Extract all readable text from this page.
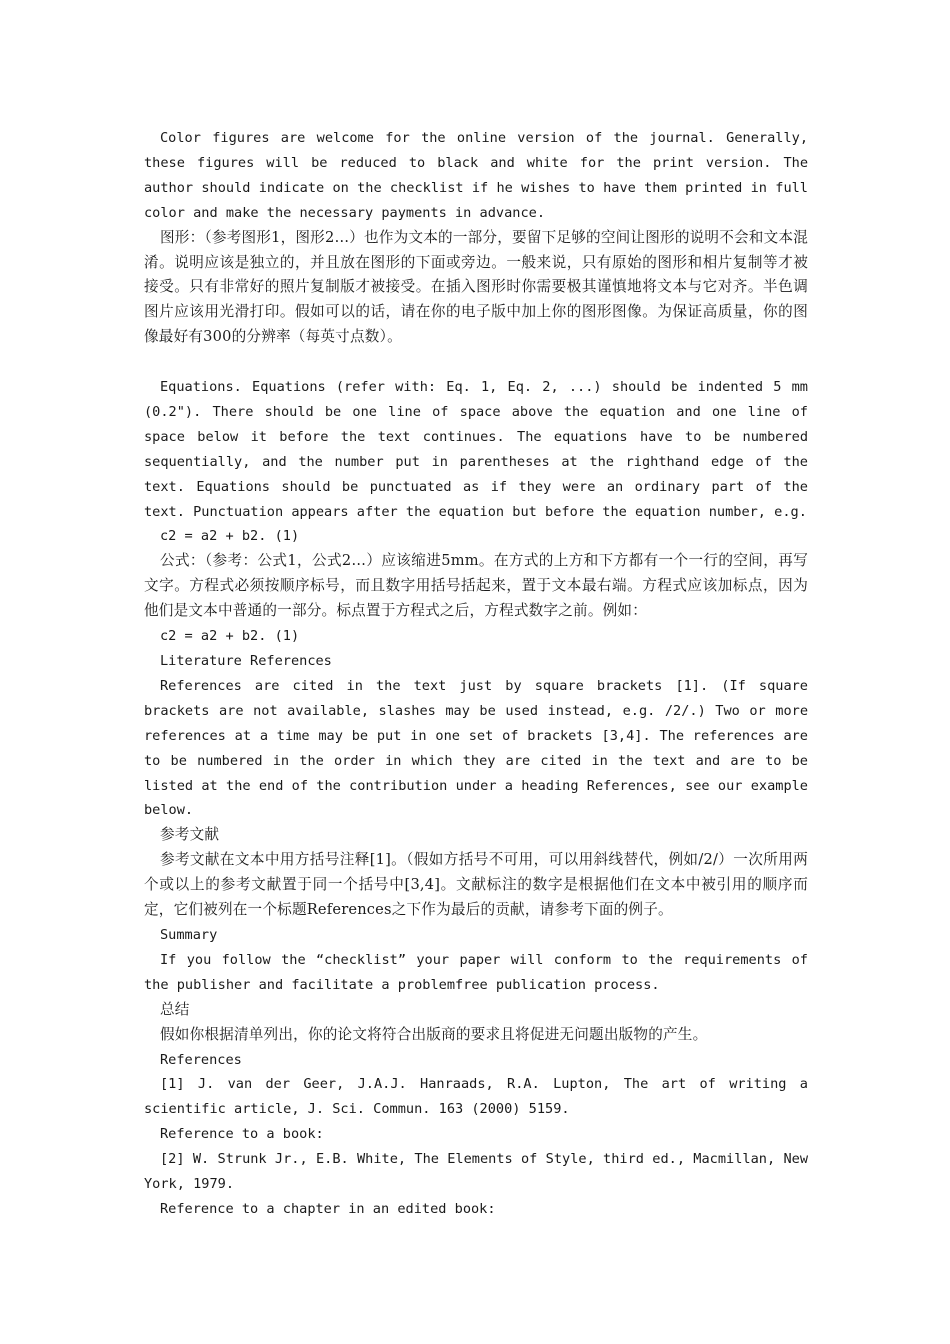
Color figures are welcome for the online version of the journal. Generally, these figures will be reduced to black and white for the print version. The author should indicate on the checklist if he wishes to have them printed in full color and make the necessary payments in advance.

图形：（参考图形1，图形2…）也作为文本的一部分，要留下足够的空间让图形的说明不会和文本混淆。说明应该是独立的，并且放在图形的下面或旁边。一般来说，只有原始的图形和相片复制等才被接受。只有非常好的照片复制版才被接受。在插入图形时你需要极其谨慎地将文本与它对齐。半色调图片应该用光滑打印。假如可以的话，请在你的电子版中加上你的图形图像。为保证高质量，你的图像最好有300的分辨率（每英寸点数）。

Equations. Equations (refer with: Eq. 1, Eq. 2, ...) should be indented 5 mm (0.2"). There should be one line of space above the equation and one line of space below it before the text continues. The equations have to be numbered sequentially, and the number put in parentheses at the righthand edge of the text. Equations should be punctuated as if they were an ordinary part of the text. Punctuation appears after the equation but before the equation number, e.g.

c2 = a2 + b2. (1)

公式：（参考：公式1，公式2…）应该缩进5mm。在方式的上方和下方都有一个一行的空间，再写文字。方程式必须按顺序标号，而且数字用括号括起来，置于文本最右端。方程式应该加标点，因为他们是文本中普通的一部分。标点置于方程式之后，方程式数字之前。例如：

c2 = a2 + b2. (1)

Literature References

References are cited in the text just by square brackets [1]. (If square brackets are not available, slashes may be used instead, e.g. /2/.) Two or more references at a time may be put in one set of brackets [3,4]. The references are to be numbered in the order in which they are cited in the text and are to be listed at the end of the contribution under a heading References, see our example below.

参考文献

参考文献在文本中用方括号注释[1]。（假如方括号不可用，可以用斜线替代，例如/2/）一次所用两个或以上的参考文献置于同一个括号中[3,4]。文献标注的数字是根据他们在文本中被引用的顺序而定，它们被列在一个标题References之下作为最后的贡献，请参考下面的例子。

Summary

If you follow the “checklist” your paper will conform to the requirements of the publisher and facilitate a problemfree publication process.

总结

假如你根据清单列出，你的论文将符合出版商的要求且将促进无问题出版物的产生。

References

[1] J. van der Geer, J.A.J. Hanraads, R.A. Lupton, The art of writing a scientific article, J. Sci. Commun. 163 (2000) 5159.

Reference to a book:

[2] W. Strunk Jr., E.B. White, The Elements of Style, third ed., Macmillan, New York, 1979.

Reference to a chapter in an edited book:
